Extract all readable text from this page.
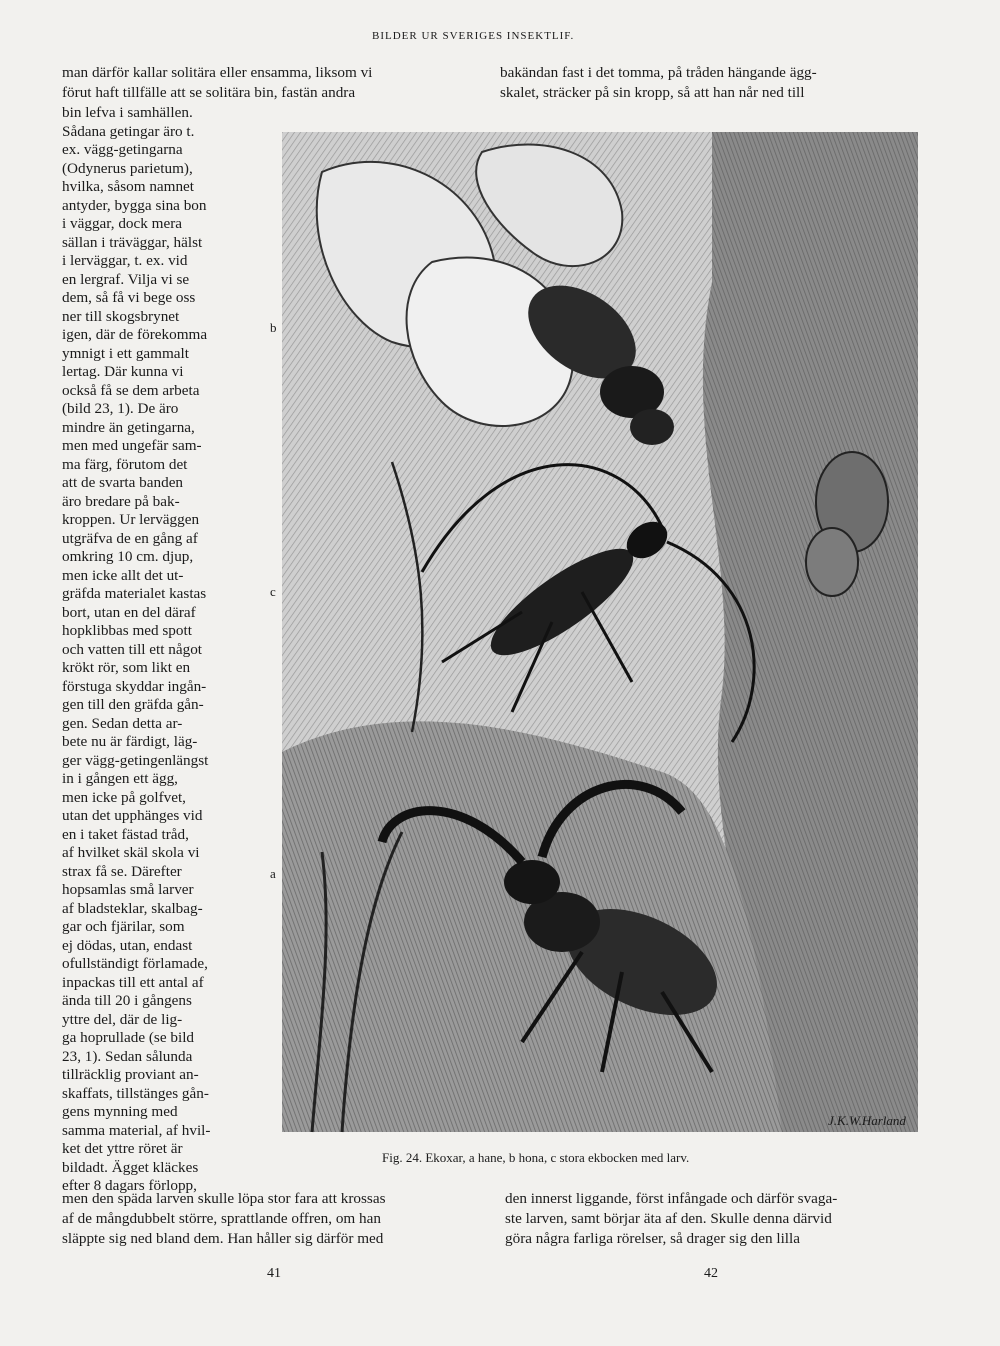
BILDER UR SVERIGES INSEKTLIF.
bakändan fast i det tomma, på tråden hängande ägg-
skalet, sträcker på sin kropp, så att han når ned till
man därför kallar solitära eller ensamma, liksom vi
förut haft tillfälle att se solitära bin, fastän andra
bin lefva i samhällen.
Sådana getingar äro t.
ex. vägg-getingarna
(Odynerus parietum),
hvilka, såsom namnet
antyder, bygga sina bon
i väggar, dock mera
sällan i träväggar, hälst
i lerväggar, t. ex. vid
en lergraf. Vilja vi se
dem, så få vi bege oss
ner till skogsbrynet
igen, där de förekomma
ymnigt i ett gammalt
lertag. Där kunna vi
också få se dem arbeta
(bild 23, 1). De äro
mindre än getingarna,
men med ungefär sam-
ma färg, förutom det
att de svarta banden
äro bredare på bak-
kroppen. Ur lerväggen
utgräfva de en gång af
omkring 10 cm. djup,
men icke allt det ut-
gräfda materialet kastas
bort, utan en del däraf
hopklibbas med spott
och vatten till ett något
krökt rör, som likt en
förstuga skyddar ingån-
gen till den gräfda gån-
gen. Sedan detta ar-
bete nu är färdigt, läg-
ger vägg-getingenlängst
in i gången ett ägg,
men icke på golfvet,
utan det upphänges vid
en i taket fästad tråd,
af hvilket skäl skola vi
strax få se. Därefter
hopsamlas små larver
af bladsteklar, skalbag-
gar och fjärilar, som
ej dödas, utan, endast
ofullständigt förlamade,
inpackas till ett antal af
ända till 20 i gångens
yttre del, där de lig-
ga hoprullade (se bild
23, 1). Sedan sålunda
tillräcklig proviant an-
skaffats, tillstänges gån-
gens mynning med
samma material, af hvil-
ket det yttre röret är
bildadt. Ägget kläckes
efter 8 dagars förlopp,
men den späda larven skulle löpa stor fara att krossas
af de mångdubbelt större, sprattlande offren, om han
släppte sig ned bland dem. Han håller sig därför med
den innerst liggande, först infångade och därför svaga-
ste larven, samt börjar äta af den. Skulle denna därvid
göra några farliga rörelser, så drager sig den lilla
b
c
a
J.K.W.Harland
Fig. 24. Ekoxar, a hane, b hona, c stora ekbocken med larv.
41	42
